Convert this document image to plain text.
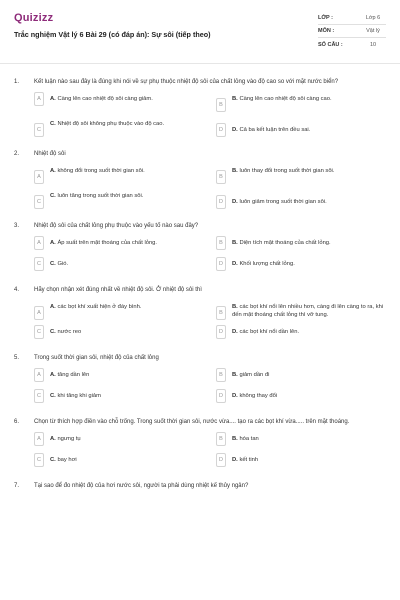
Quizizz
Trắc nghiệm Vật lý 6 Bài 29 (có đáp án): Sự sôi (tiếp theo)
LỚP :	Lớp 6
MÔN :	Vật lý
SỐ CÂU :	10
1.	Kết luận nào sau đây là đúng khi nói về sự phụ thuộc nhiệt độ sôi của chất lỏng vào độ cao so với mặt nước biển?
A	A. Càng lên cao nhiệt độ sôi càng giảm.
B
B. Càng lên cao nhiệt độ sôi càng cao.
C
C. Nhiệt độ sôi không phụ thuộc vào độ cao.
D	D. Cả ba kết luận trên đều sai.
2.	Nhiệt độ sôi
A
A. không đổi trong suốt thời gian sôi.
B
B. luôn thay đổi trong suốt thời gian sôi.
C
C. luôn tăng trong suốt thời gian sôi.
D	D. luôn giảm trong suốt thời gian sôi.
3.	Nhiệt độ sôi của chất lỏng phụ thuộc vào yếu tố nào sau đây?
A	A. Áp suất trên mặt thoáng của chất lỏng.	B	B. Diện tích mặt thoáng của chất lỏng.
C	C. Gió.	D	D. Khối lượng chất lỏng.
4.	Hãy chọn nhận xét đúng nhất về nhiệt độ sôi. Ở nhiệt độ sôi thì
A
A. các bọt khí xuất hiện ở đáy bình.
B
B. các bọt khí nổi lên nhiều hơn, càng đi lên càng to ra, khi đến mặt thoáng chất lỏng thì vỡ tung.
C	C. nước reo	D	D. các bọt khí nổi dần lên.
5.	Trong suốt thời gian sôi, nhiệt độ của chất lỏng
A	A. tăng dần lên	B	B. giảm dần đi
C	C. khi tăng khi giảm	D	D. không thay đổi
6.	Chọn từ thích hợp điền vào chỗ trống. Trong suốt thời gian sôi, nước vừa.... tạo ra các bọt khí vừa..... trên mặt thoáng.
A	A. ngưng tụ	B	B. hóa tan
C	C. bay hơi	D	D. kết tinh
7.	Tại sao để đo nhiệt độ của hơi nước sôi, người ta phải dùng nhiệt kế thủy ngân?
